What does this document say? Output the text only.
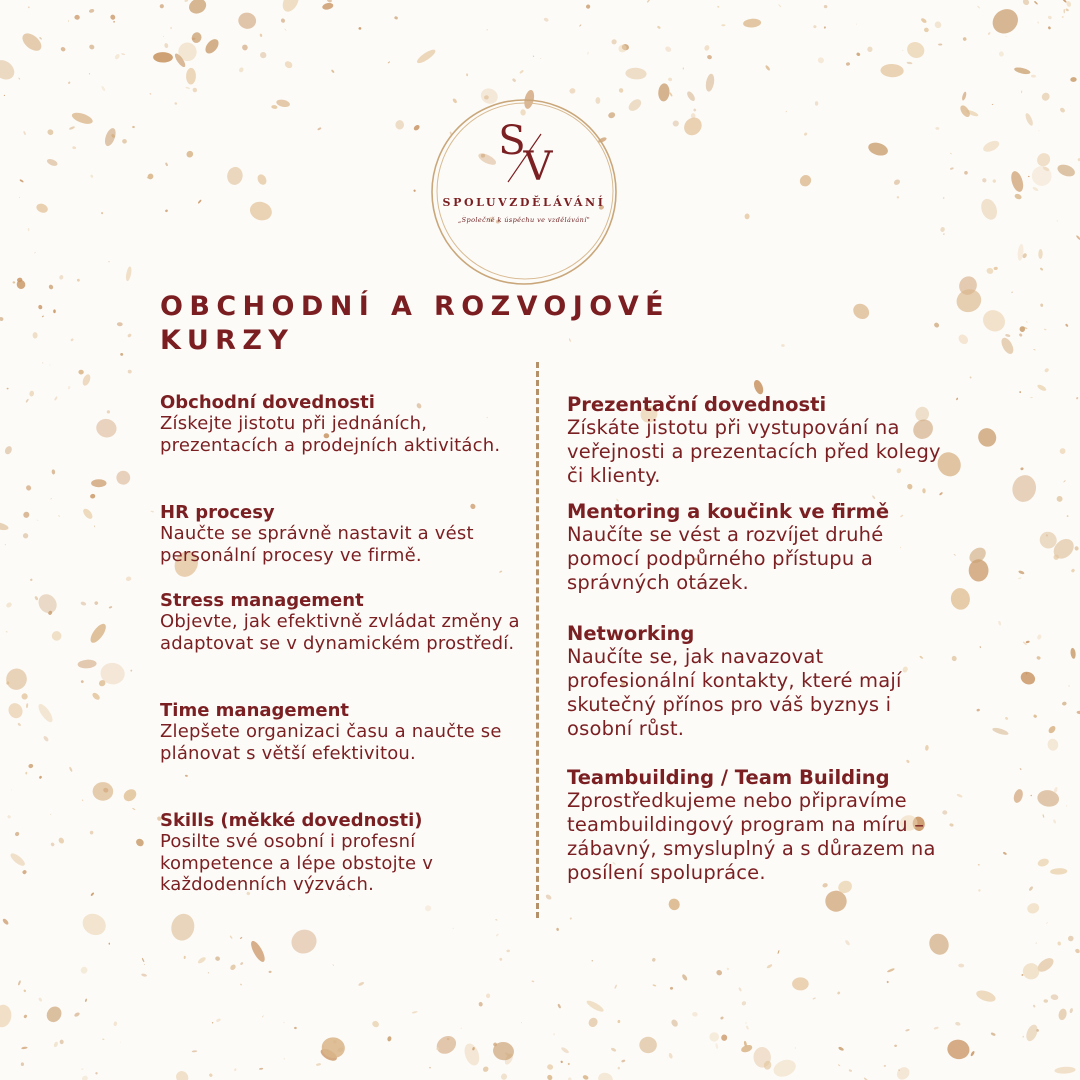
S
V
SPOLUVZDĚLÁVÁNÍ
„Společně k úspěchu ve vzdělávání"
OBCHODNÍ A ROZVOJOVÉ
KURZY
Obchodní dovednosti
Získejte jistotu při jednáních, prezentacích a prodejních aktivitách.
HR procesy
Naučte se správně nastavit a vést personální procesy ve firmě.
Stress management
Objevte, jak efektivně zvládat změny a adaptovat se v dynamickém prostředí.
Time management
Zlepšete organizaci času a naučte se plánovat s větší efektivitou.
Skills (měkké dovednosti)
Posilte své osobní i profesní kompetence a lépe obstojte v každodenních výzvách.
Prezentační dovednosti
Získáte jistotu při vystupování na veřejnosti a prezentacích před kolegy či klienty.
Mentoring a koučink ve firmě
Naučíte se vést a rozvíjet druhé pomocí podpůrného přístupu a správných otázek.
Networking
Naučíte se, jak navazovat profesionální kontakty, které mají skutečný přínos pro váš byznys i osobní růst.
Teambuilding / Team Building
Zprostředkujeme nebo připravíme teambuildingový program na míru – zábavný, smysluplný a s důrazem na posílení spolupráce.
